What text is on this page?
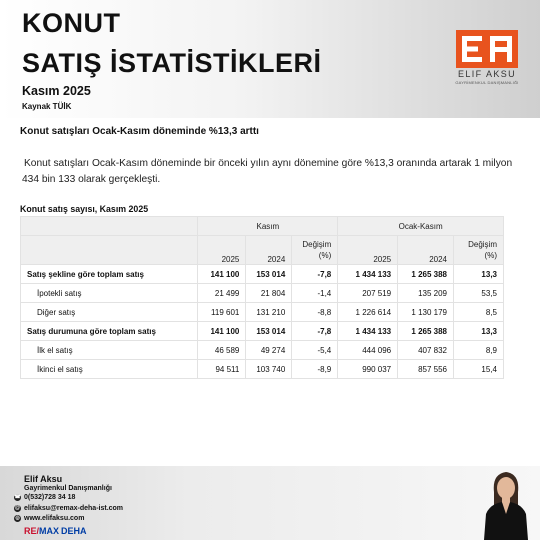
KONUT
SATIŞ İSTATİSTİKLERİ
Kasım 2025
Kaynak TÜİK
ELIF AKSU
GAYRİMENKUL DANIŞMANLIĞI
Konut satışları Ocak-Kasım döneminde %13,3 arttı
Konut satışları Ocak-Kasım döneminde bir önceki yılın aynı dönemine göre %13,3 oranında artarak 1 milyon 434 bin 133 olarak gerçekleşti.
Konut satış sayısı, Kasım 2025
	Kasım			Ocak-Kasım		
	2025	2024	Değişim (%)	2025	2024	Değişim (%)
Satış şekline göre toplam satış	141 100	153 014	-7,8	1 434 133	1 265 388	13,3
İpotekli satış	21 499	21 804	-1,4	207 519	135 209	53,5
Diğer satış	119 601	131 210	-8,8	1 226 614	1 130 179	8,5
Satış durumuna göre toplam satış	141 100	153 014	-7,8	1 434 133	1 265 388	13,3
İlk el satış	46 589	49 274	-5,4	444 096	407 832	8,9
İkinci el satış	94 511	103 740	-8,9	990 037	857 556	15,4
Elif Aksu
Gayrimenkul Danışmanlığı
☎ 0(532)728 34 18
@ elifaksu@remax-deha-ist.com
◎ www.elifaksu.com
RE/MAX DEHA
